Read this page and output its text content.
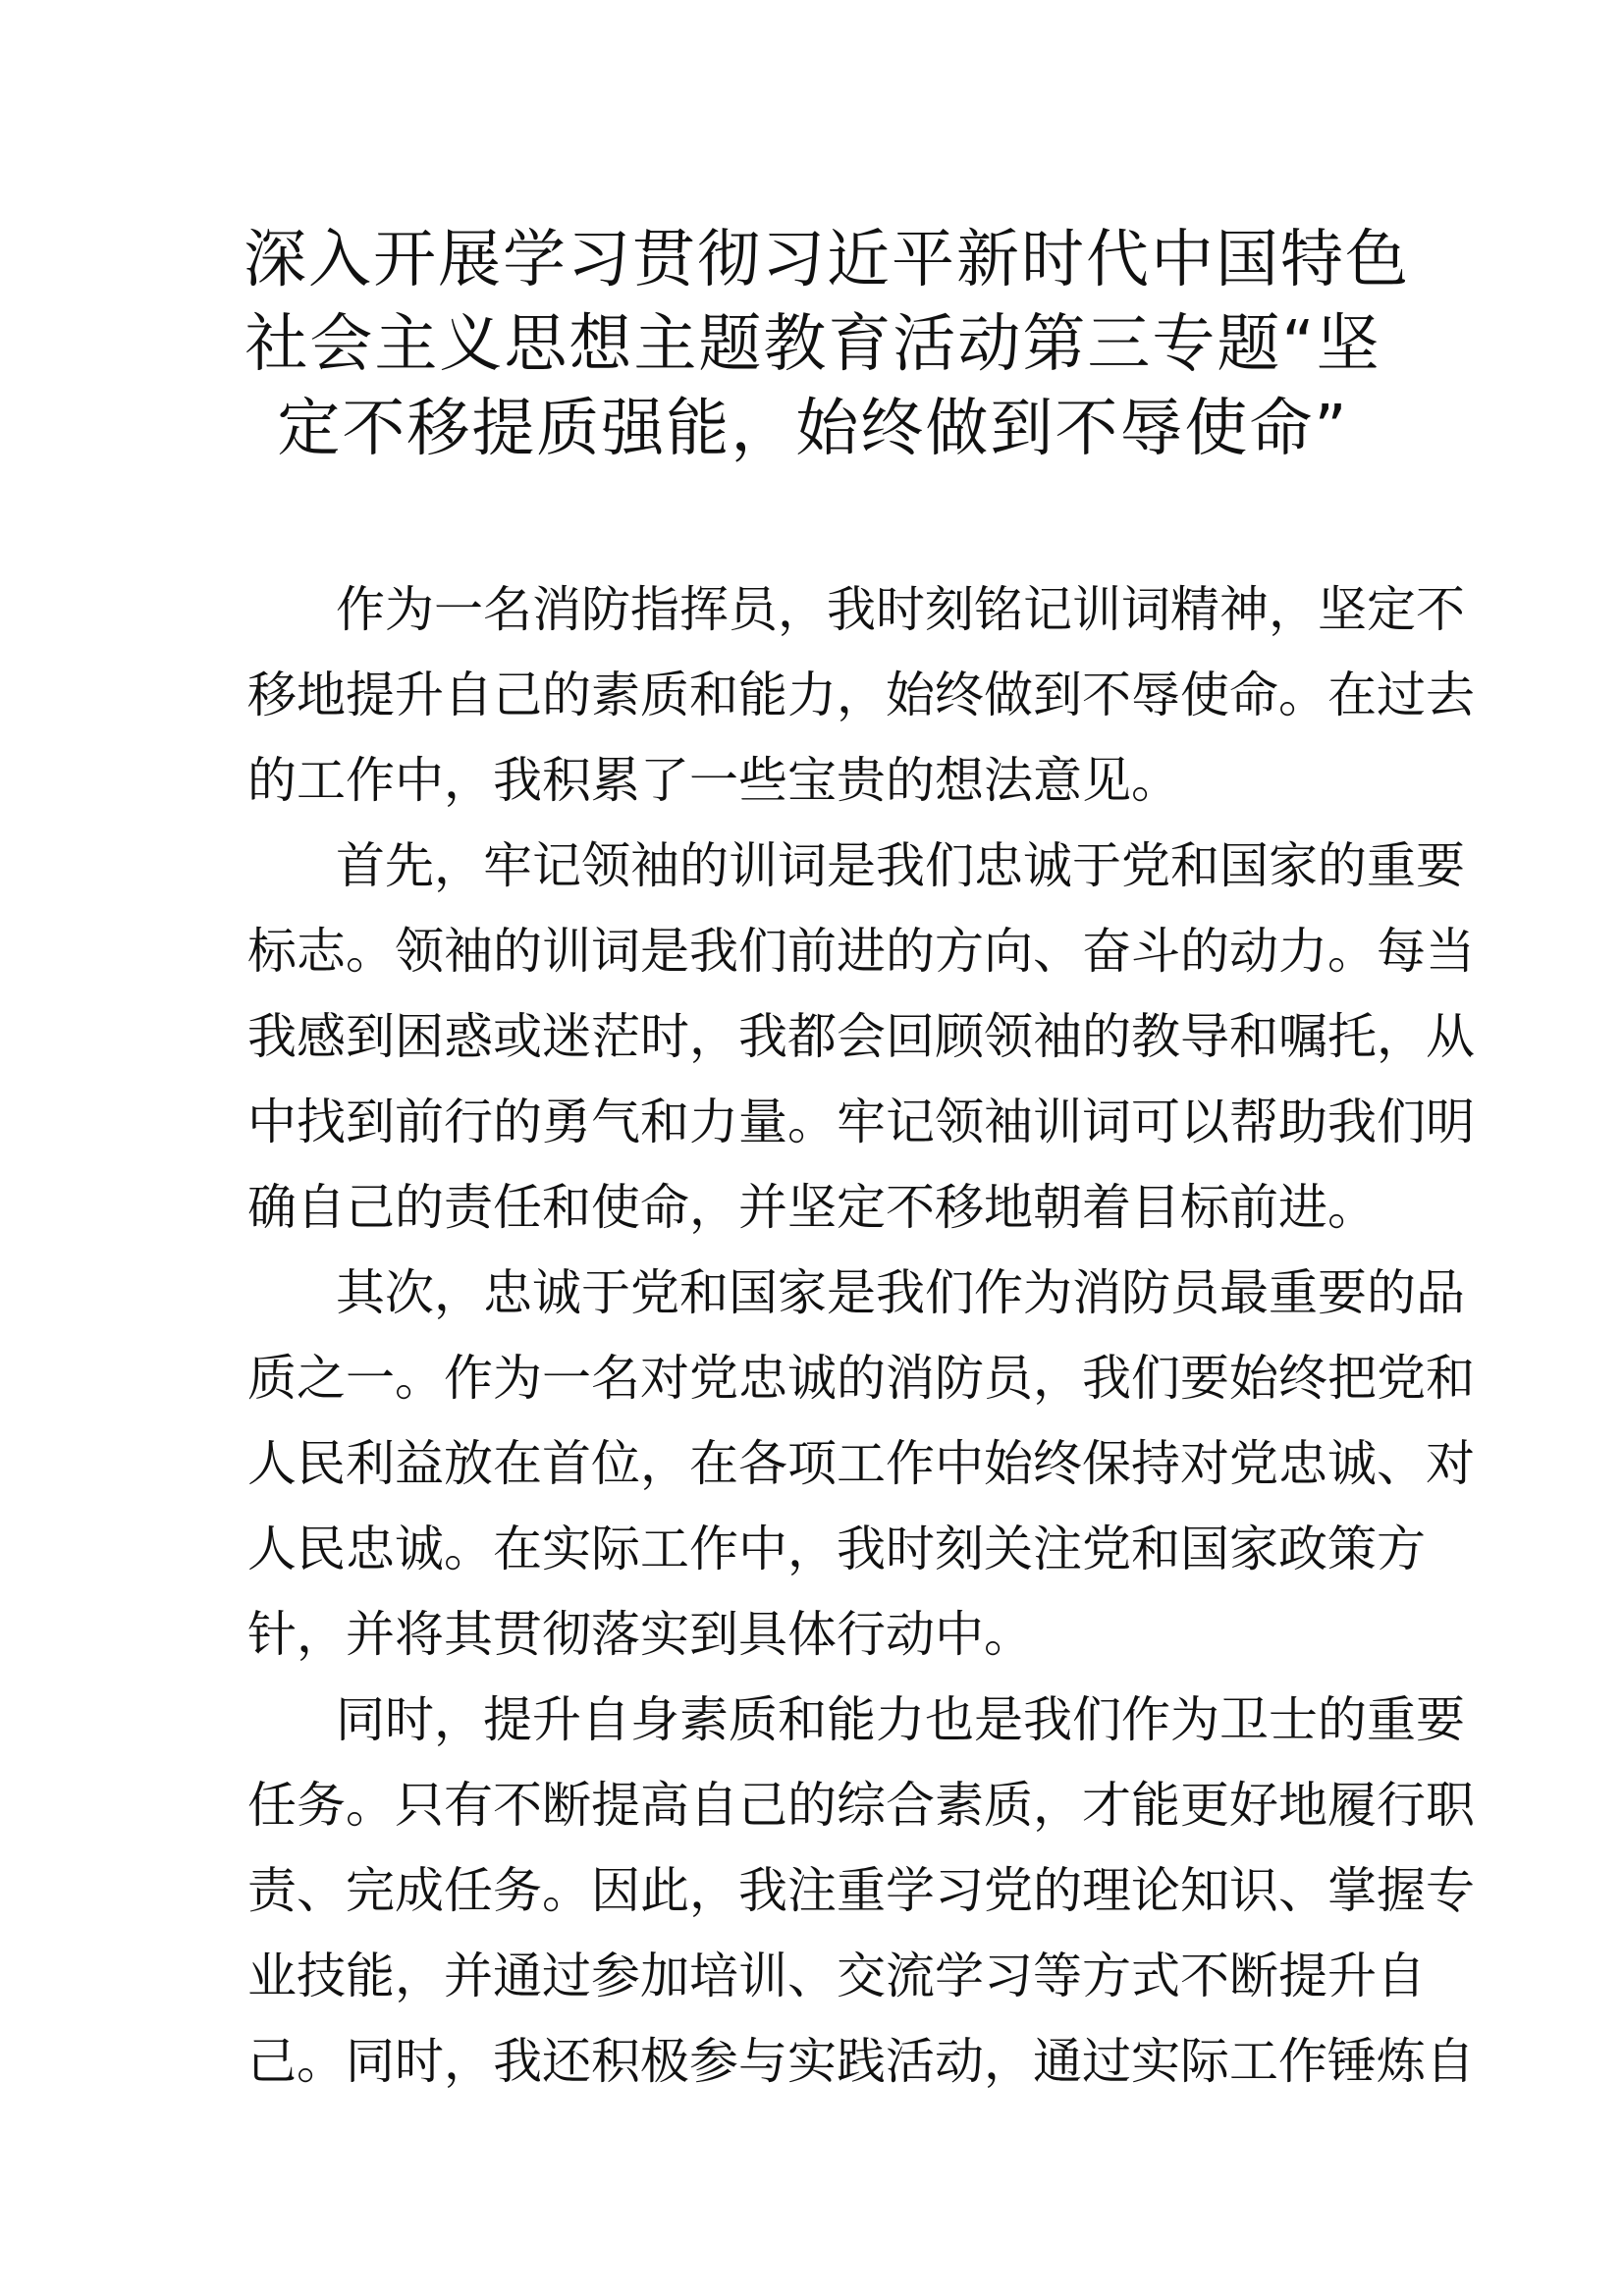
深入开展学习贯彻习近平新时代中国特色
社会主义思想主题教育活动第三专题“坚
定不移提质强能，始终做到不辱使命”

作为一名消防指挥员，我时刻铭记训词精神，坚定不

移地提升自己的素质和能力，始终做到不辱使命。在过去

的工作中，我积累了一些宝贵的想法意见。

首先，牢记领袖的训词是我们忠诚于党和国家的重要

标志。领袖的训词是我们前进的方向、奋斗的动力。每当

我感到困惑或迷茫时，我都会回顾领袖的教导和嘱托，从

中找到前行的勇气和力量。牢记领袖训词可以帮助我们明

确自己的责任和使命，并坚定不移地朝着目标前进。

其次，忠诚于党和国家是我们作为消防员最重要的品

质之一。作为一名对党忠诚的消防员，我们要始终把党和

人民利益放在首位，在各项工作中始终保持对党忠诚、对

人民忠诚。在实际工作中，我时刻关注党和国家政策方

针，并将其贯彻落实到具体行动中。

同时，提升自身素质和能力也是我们作为卫士的重要

任务。只有不断提高自己的综合素质，才能更好地履行职

责、完成任务。因此，我注重学习党的理论知识、掌握专

业技能，并通过参加培训、交流学习等方式不断提升自

己。同时，我还积极参与实践活动，通过实际工作锤炼自
